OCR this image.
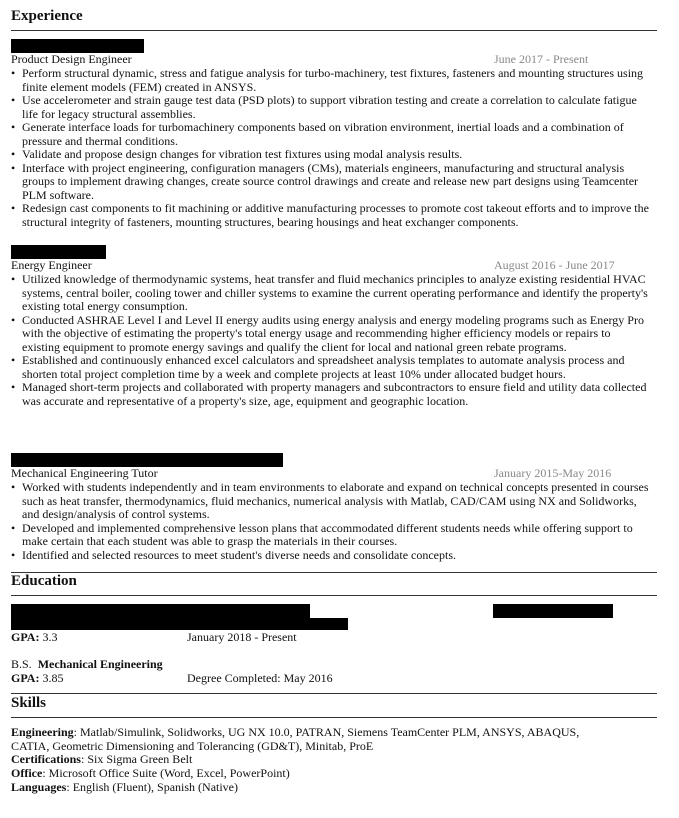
Experience
Product Design Engineer	June 2017 - Present
• Perform structural dynamic, stress and fatigue analysis for turbo-machinery, test fixtures, fasteners and mounting structures using finite element models (FEM) created in ANSYS.
• Use accelerometer and strain gauge test data (PSD plots) to support vibration testing and create a correlation to calculate fatigue life for legacy structural assemblies.
• Generate interface loads for turbomachinery components based on vibration environment, inertial loads and a combination of pressure and thermal conditions.
• Validate and propose design changes for vibration test fixtures using modal analysis results.
• Interface with project engineering, configuration managers (CMs), materials engineers, manufacturing and structural analysis groups to implement drawing changes, create source control drawings and create and release new part designs using Teamcenter PLM software.
• Redesign cast components to fit machining or additive manufacturing processes to promote cost takeout efforts and to improve the structural integrity of fasteners, mounting structures, bearing housings and heat exchanger components.
Energy Engineer	August 2016 - June 2017
• Utilized knowledge of thermodynamic systems, heat transfer and fluid mechanics principles to analyze existing residential HVAC systems, central boiler, cooling tower and chiller systems to examine the current operating performance and identify the property's existing total energy consumption.
• Conducted ASHRAE Level I and Level II energy audits using energy analysis and energy modeling programs such as Energy Pro with the objective of estimating the property's total energy usage and recommending higher efficiency models or repairs to existing equipment to promote energy savings and qualify the client for local and national green rebate programs.
• Established and continuously enhanced excel calculators and spreadsheet analysis templates to automate analysis process and shorten total project completion time by a week and complete projects at least 10% under allocated budget hours.
• Managed short-term projects and collaborated with property managers and subcontractors to ensure field and utility data collected was accurate and representative of a property's size, age, equipment and geographic location.
Mechanical Engineering Tutor	January 2015-May 2016
• Worked with students independently and in team environments to elaborate and expand on technical concepts presented in courses such as heat transfer, thermodynamics, fluid mechanics, numerical analysis with Matlab, CAD/CAM using NX and Solidworks, and design/analysis of control systems.
• Developed and implemented comprehensive lesson plans that accommodated different students needs while offering support to make certain that each student was able to grasp the materials in their courses.
• Identified and selected resources to meet student's diverse needs and consolidate concepts.
Education
GPA: 3.3	January 2018 - Present
B.S. Mechanical Engineering
GPA: 3.85	Degree Completed: May 2016
Skills
Engineering: Matlab/Simulink, Solidworks, UG NX 10.0, PATRAN, Siemens TeamCenter PLM, ANSYS, ABAQUS,
CATIA, Geometric Dimensioning and Tolerancing (GD&T), Minitab, ProE
Certifications: Six Sigma Green Belt
Office: Microsoft Office Suite (Word, Excel, PowerPoint)
Languages: English (Fluent), Spanish (Native)
